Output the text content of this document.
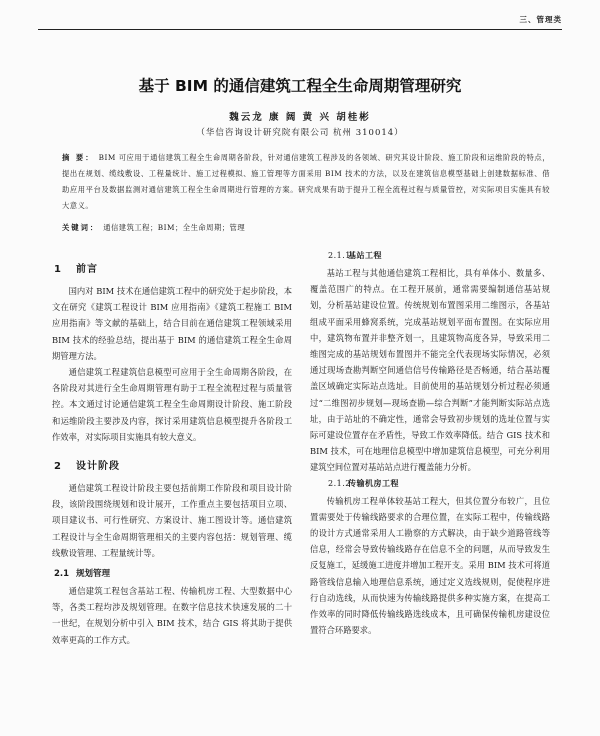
三、管理类
基于 BIM 的通信建筑工程全生命周期管理研究
魏云龙 康 阔 黄 兴 胡桂彬
（华信咨询设计研究院有限公司 杭州 310014）
摘 要： BIM 可应用于通信建筑工程全生命周期各阶段，针对通信建筑工程涉及的各领域、研究其设计阶段、施工阶段和运维阶段的特点，提出在规划、缆线敷设、工程量统计、施工过程模拟、施工管理等方面采用 BIM 技术的方法，以及在建筑信息模型基础上创建数据标准、借助应用平台及数据监测对通信建筑工程全生命周期进行管理的方案。研究成果有助于提升工程全流程过程与质量管控，对实际项目实施具有较大意义。
关键词： 通信建筑工程；BIM；全生命周期；管理
1 前言

国内对 BIM 技术在通信建筑工程中的研究处于起步阶段，本文在研究《建筑工程设计 BIM 应用指南》《建筑工程施工 BIM 应用指南》等文献的基础上，结合目前在通信建筑工程领域采用 BIM 技术的经验总结，提出基于 BIM 的通信建筑工程全生命周期管理方法。

通信建筑工程建筑信息模型可应用于全生命周期各阶段，在各阶段对其进行全生命周期管理有助于工程全流程过程与质量管控。本文通过讨论通信建筑工程全生命周期设计阶段、施工阶段和运维阶段主要涉及内容，探讨采用建筑信息模型提升各阶段工作效率，对实际项目实施具有较大意义。

2 设计阶段

通信建筑工程设计阶段主要包括前期工作阶段和项目设计阶段，该阶段围绕规划和设计展开，工作重点主要包括项目立项、项目建议书、可行性研究、方案设计、施工图设计等。通信建筑工程设计与全生命周期管理相关的主要内容包括：规划管理、缆线敷设管理、工程量统计等。

2.1 规划管理

通信建筑工程包含基站工程、传输机房工程、大型数据中心等，各类工程均涉及规划管理。在数字信息技术快速发展的二十一世纪，在规划分析中引入 BIM 技术，结合 GIS 将其助于提供效率更高的工作方式。

2.1.1基站工程

基站工程与其他通信建筑工程相比，具有单体小、数量多、覆盖范围广的特点。在工程开展前，通常需要编制通信基站规划，分析基站建设位置。传统规划布置图采用二维图示，各基站组成平面采用蜂窝系统，完成基站规划平面布置图。在实际应用中，建筑物布置并非整齐划一，且建筑物高度各异，导致采用二维图完成的基站规划布置图并不能完全代表现场实际情况，必须通过现场查勘判断空间通信信号传输路径是否畅通，结合基站覆盖区域确定实际站点选址。目前使用的基站规划分析过程必须通过“二维图初步规划—现场查勘—综合判断”才能判断实际站点选址，由于站址的不确定性，通常会导致初步规划的选址位置与实际可建设位置存在矛盾性，导致工作效率降低。结合 GIS 技术和 BIM 技术，可在地理信息模型中增加建筑信息模型，可充分利用建筑空间位置对基站站点进行覆盖能力分析。

2.1.2传输机房工程

传输机房工程单体较基站工程大，但其位置分布较广，且位置需要处于传输线路要求的合理位置，在实际工程中，传输线路的设计方式通常采用人工勘察的方式解决，由于缺少道路管线等信息，经常会导致传输线路存在信息不全的问题，从而导致发生反复施工，延缓施工进度并增加工程开支。采用 BIM 技术可将道路管线信息输入地理信息系统，通过定义选线规则，促使程序进行自动选线，从而快速为传输线路提供多种实施方案，在提高工作效率的同时降低传输线路选线成本，且可确保传输机房建设位置符合环路要求。
